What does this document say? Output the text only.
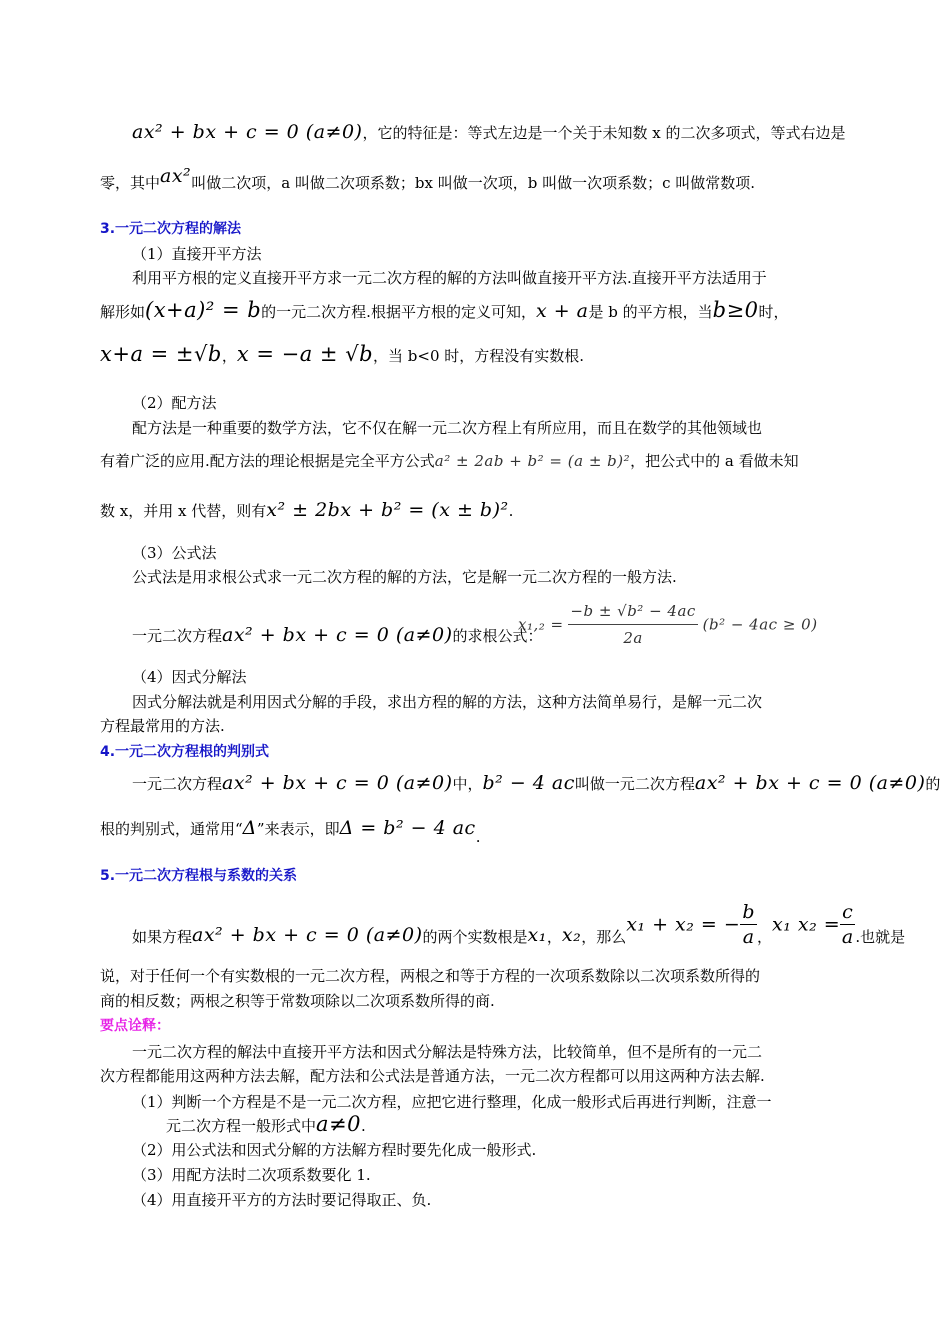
ax² + bx + c = 0 (a≠0)，它的特征是：等式左边是一个关于未知数 x 的二次多项式，等式右边是
零，其中ax²叫做二次项，a 叫做二次项系数；bx 叫做一次项，b 叫做一次项系数；c 叫做常数项.
3.一元二次方程的解法
（1）直接开平方法
利用平方根的定义直接开平方求一元二次方程的解的方法叫做直接开平方法.直接开平方法适用于
解形如(x+a)² = b的一元二次方程.根据平方根的定义可知，x + a是 b 的平方根，当b≥0时，
x+a = ±√b，x = −a ± √b，当 b<0 时，方程没有实数根.
（2）配方法
配方法是一种重要的数学方法，它不仅在解一元二次方程上有所应用，而且在数学的其他领域也
有着广泛的应用.配方法的理论根据是完全平方公式a² ± 2ab + b² = (a ± b)²，把公式中的 a 看做未知
数 x，并用 x 代替，则有x² ± 2bx + b² = (x ± b)².
（3）公式法
公式法是用求根公式求一元二次方程的解的方法，它是解一元二次方程的一般方法.
一元二次方程ax² + bx + c = 0 (a≠0)的求根公式：
$x_1,_2 = \frac{\text{−b ± √b² − 4ac}}{2a} (b^2 - 4ac \ge 0)$
（4）因式分解法
因式分解法就是利用因式分解的手段，求出方程的解的方法，这种方法简单易行，是解一元二次
方程最常用的方法.
4.一元二次方程根的判别式
一元二次方程ax² + bx + c = 0 (a≠0)中，b² − 4 ac叫做一元二次方程ax² + bx + c = 0 (a≠0)的
根的判别式，通常用“Δ”来表示，即Δ = b² − 4 ac.
5.一元二次方程根与系数的关系
如果方程ax² + bx + c = 0 (a≠0)的两个实数根是x₁，x₂，那么x₁ + x₂ = − $\frac{b}{a}$ ，x₁ $x_2 = \frac{c}{a}$ .也就是
说，对于任何一个有实数根的一元二次方程，两根之和等于方程的一次项系数除以二次项系数所得的
商的相反数；两根之积等于常数项除以二次项系数所得的商.
要点诠释：
一元二次方程的解法中直接开平方法和因式分解法是特殊方法，比较简单，但不是所有的一元二
次方程都能用这两种方法去解，配方法和公式法是普通方法，一元二次方程都可以用这两种方法去解.
（1）判断一个方程是不是一元二次方程，应把它进行整理，化成一般形式后再进行判断，注意一
元二次方程一般形式中a≠0.
（2）用公式法和因式分解的方法解方程时要先化成一般形式.
（3）用配方法时二次项系数要化 1.
（4）用直接开平方的方法时要记得取正、负.
